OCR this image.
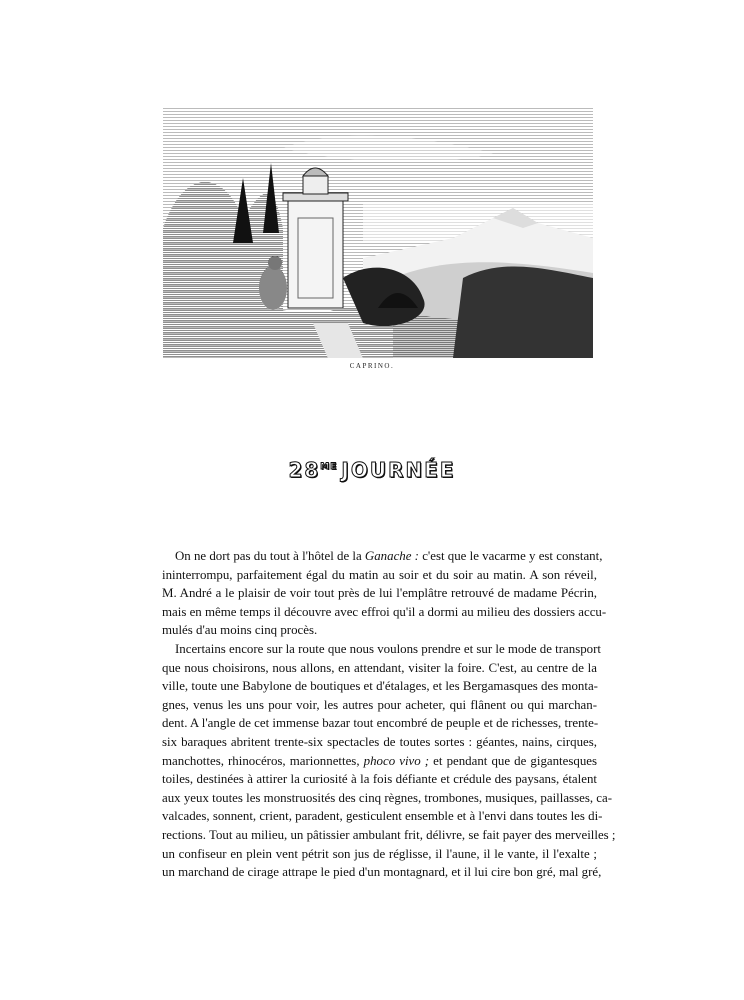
CAPRINO.
$28^{ME}$ JOURNÉE
On ne dort pas du tout à l'hôtel de la Ganache : c'est que le vacarme y est constant,
ininterrompu, parfaitement égal du matin au soir et du soir au matin. A son réveil,
M. André a le plaisir de voir tout près de lui l'emplâtre retrouvé de madame Pécrin,
mais en même temps il découvre avec effroi qu'il a dormi au milieu des dossiers accu-
mulés d'au moins cinq procès.
Incertains encore sur la route que nous voulons prendre et sur le mode de transport
que nous choisirons, nous allons, en attendant, visiter la foire. C'est, au centre de la
ville, toute une Babylone de boutiques et d'étalages, et les Bergamasques des monta-
gnes, venus les uns pour voir, les autres pour acheter, qui flânent ou qui marchan-
dent. A l'angle de cet immense bazar tout encombré de peuple et de richesses, trente-
six baraques abritent trente-six spectacles de toutes sortes : géantes, nains, cirques,
manchottes, rhinocéros, marionnettes, phoco vivo ; et pendant que de gigantesques
toiles, destinées à attirer la curiosité à la fois défiante et crédule des paysans, étalent
aux yeux toutes les monstruosités des cinq règnes, trombones, musiques, paillasses, ca-
valcades, sonnent, crient, paradent, gesticulent ensemble et à l'envi dans toutes les di-
rections. Tout au milieu, un pâtissier ambulant frit, délivre, se fait payer des merveilles ;
un confiseur en plein vent pétrit son jus de réglisse, il l'aune, il le vante, il l'exalte ;
un marchand de cirage attrape le pied d'un montagnard, et il lui cire bon gré, mal gré,
